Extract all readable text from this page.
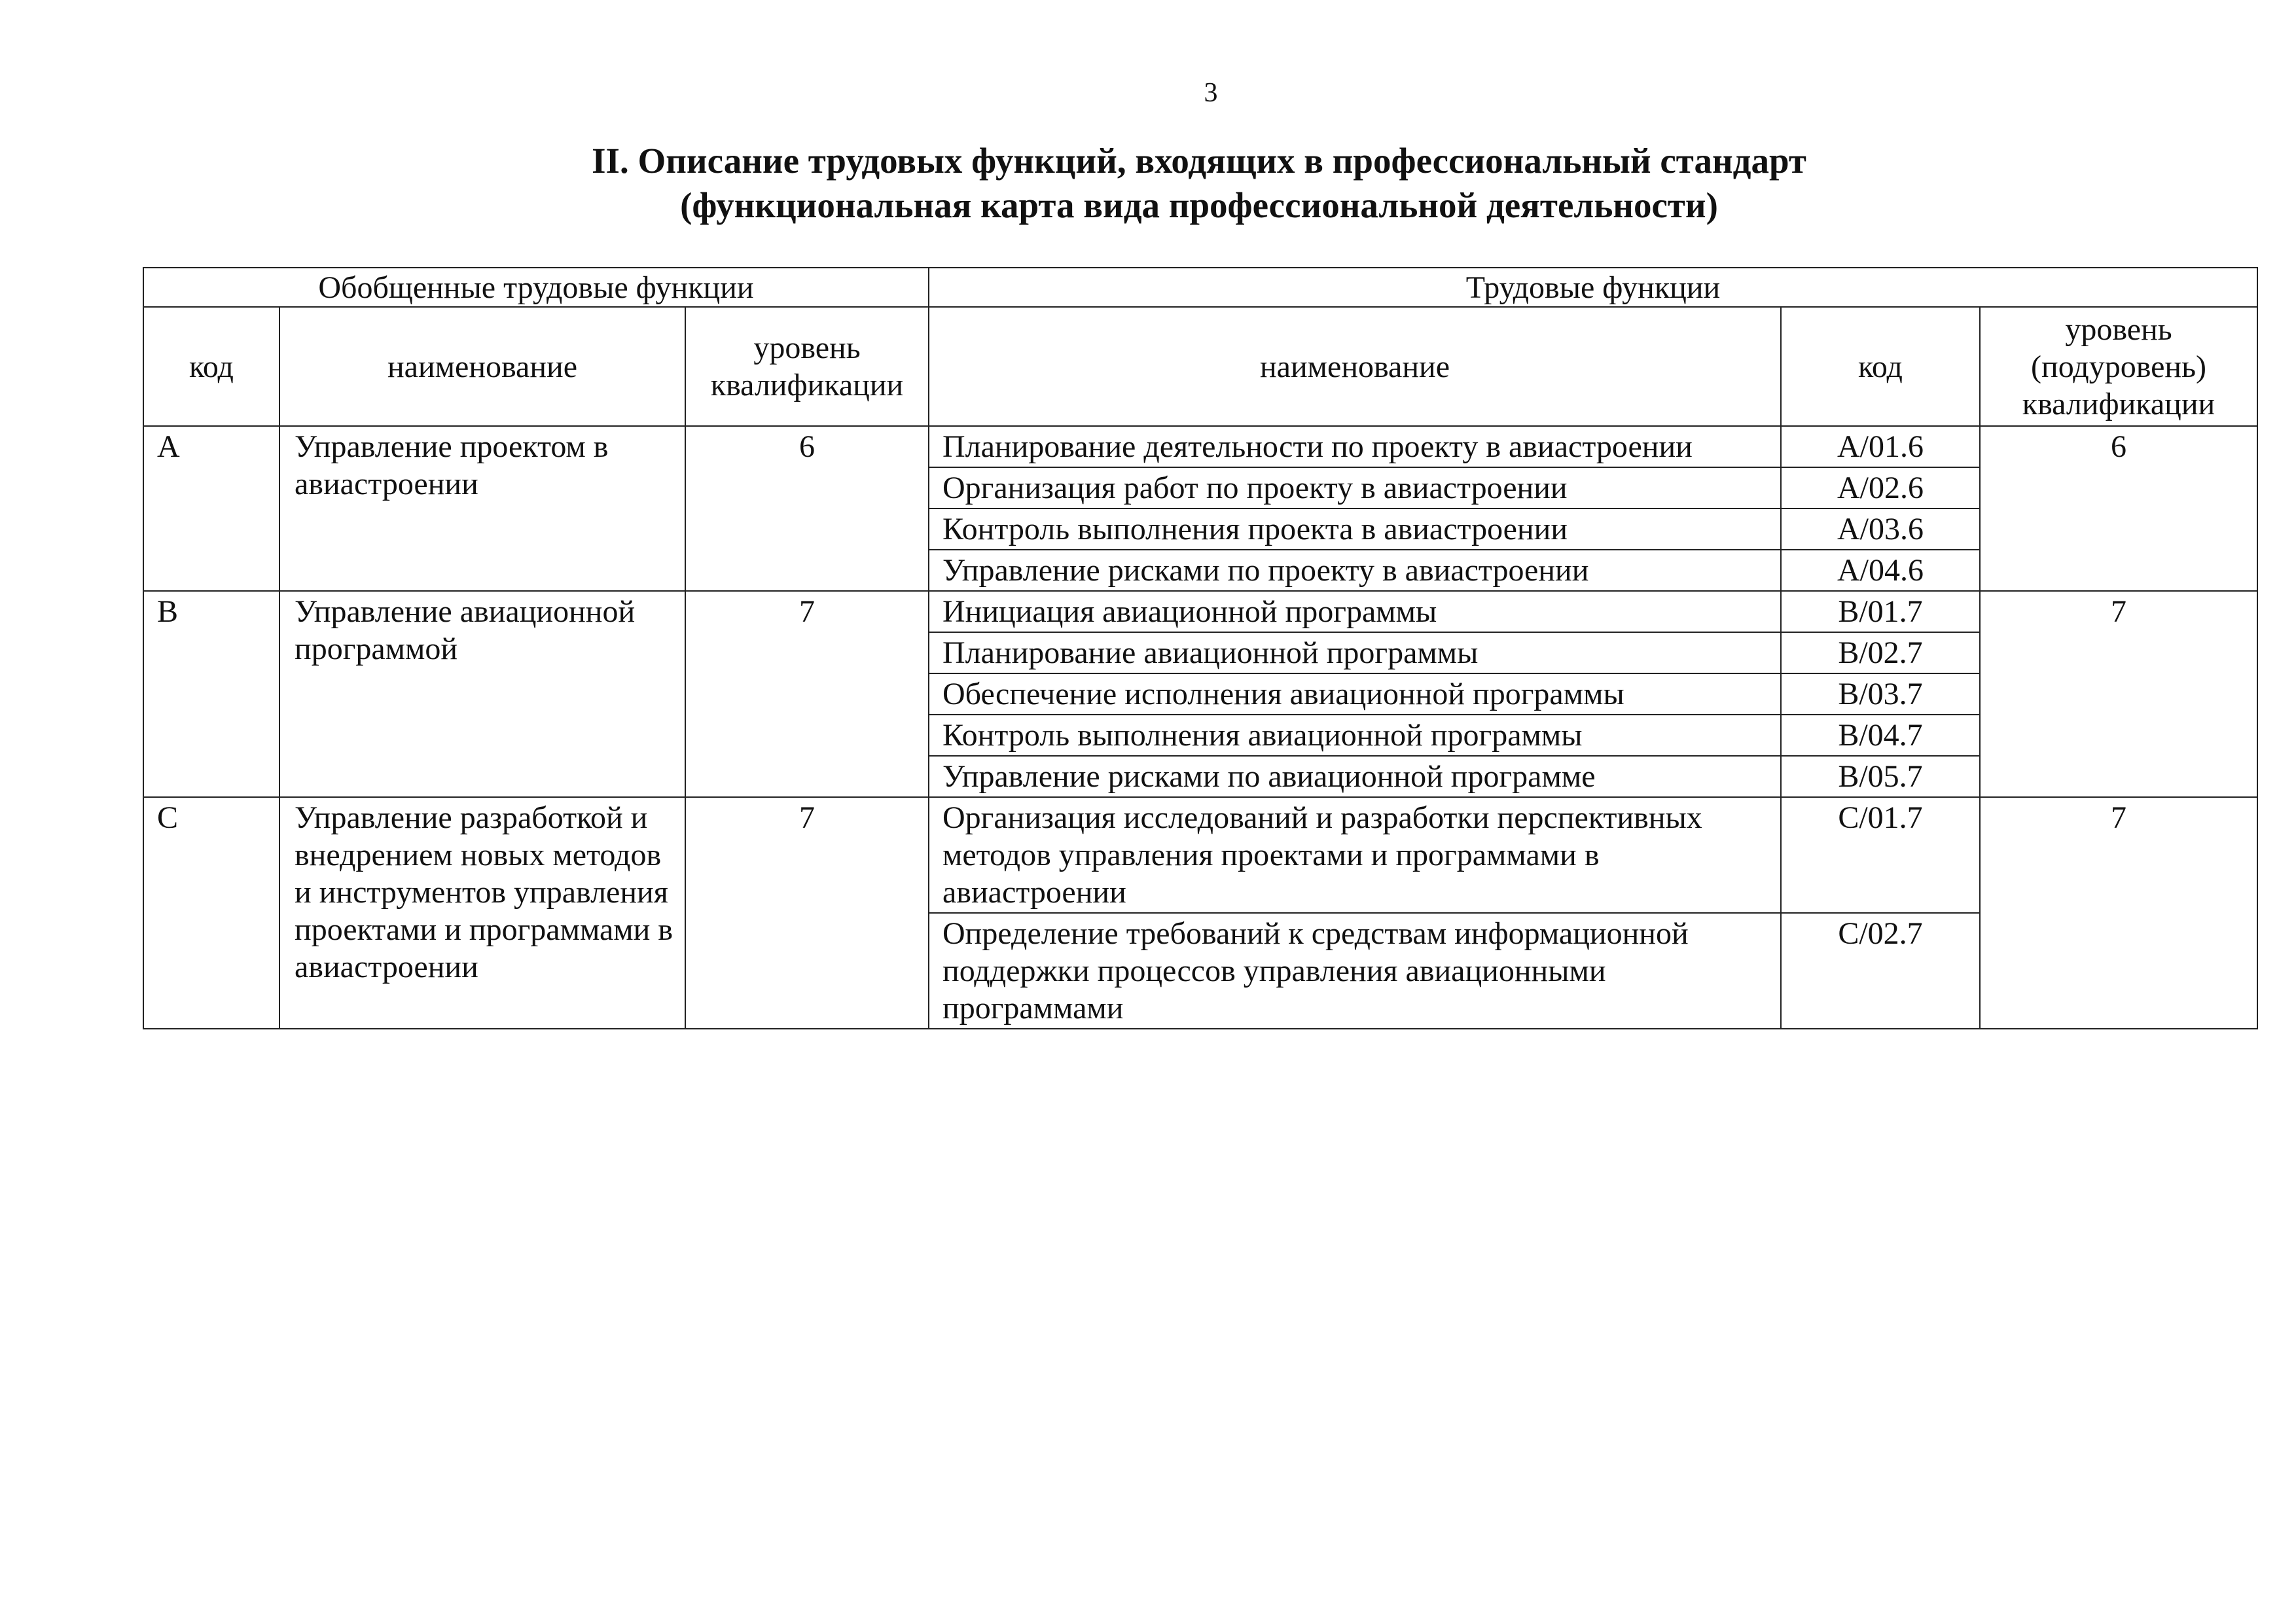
3
II. Описание трудовых функций, входящих в профессиональный стандарт
(функциональная карта вида профессиональной деятельности)
Обобщенные трудовые функции			Трудовые функции		
код	наименование	уровень квалификации	наименование	код	уровень (подуровень) квалификации
A	Управление проектом в авиастроении	6	Планирование деятельности по проекту в авиастроении	A/01.6	6
			Организация работ по проекту в авиастроении	A/02.6	
			Контроль выполнения проекта в авиастроении	A/03.6	
			Управление рисками по проекту в авиастроении	A/04.6	
B	Управление авиационной программой	7	Инициация авиационной программы	B/01.7	7
			Планирование авиационной программы	B/02.7	
			Обеспечение исполнения авиационной программы	B/03.7	
			Контроль выполнения авиационной программы	B/04.7	
			Управление рисками по авиационной программе	B/05.7	
C	Управление разработкой и внедрением новых методов и инструментов управления проектами и программами в авиастроении	7	Организация исследований и разработки перспективных методов управления проектами и программами в авиастроении	C/01.7	7
			Определение требований к средствам информационной поддержки процессов управления авиационными программами	C/02.7	
